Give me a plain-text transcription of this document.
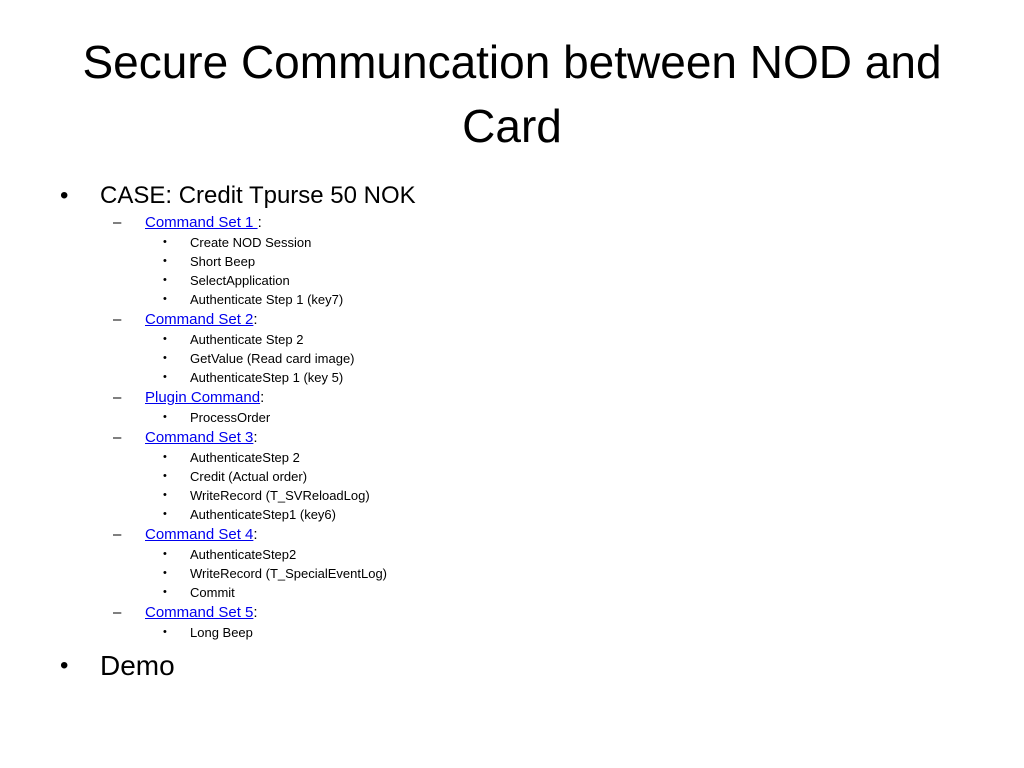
Secure Communcation between NOD and Card
• CASE: Credit Tpurse 50 NOK
– Command Set 1 :
• Create NOD Session
• Short Beep
• SelectApplication
• Authenticate Step 1 (key7)
– Command Set 2:
• Authenticate Step 2
• GetValue (Read card image)
• AuthenticateStep 1 (key 5)
– Plugin Command:
• ProcessOrder
– Command Set 3:
• AuthenticateStep 2
• Credit (Actual order)
• WriteRecord (T_SVReloadLog)
• AuthenticateStep1 (key6)
– Command Set 4:
• AuthenticateStep2
• WriteRecord (T_SpecialEventLog)
• Commit
– Command Set 5:
• Long Beep
• Demo
